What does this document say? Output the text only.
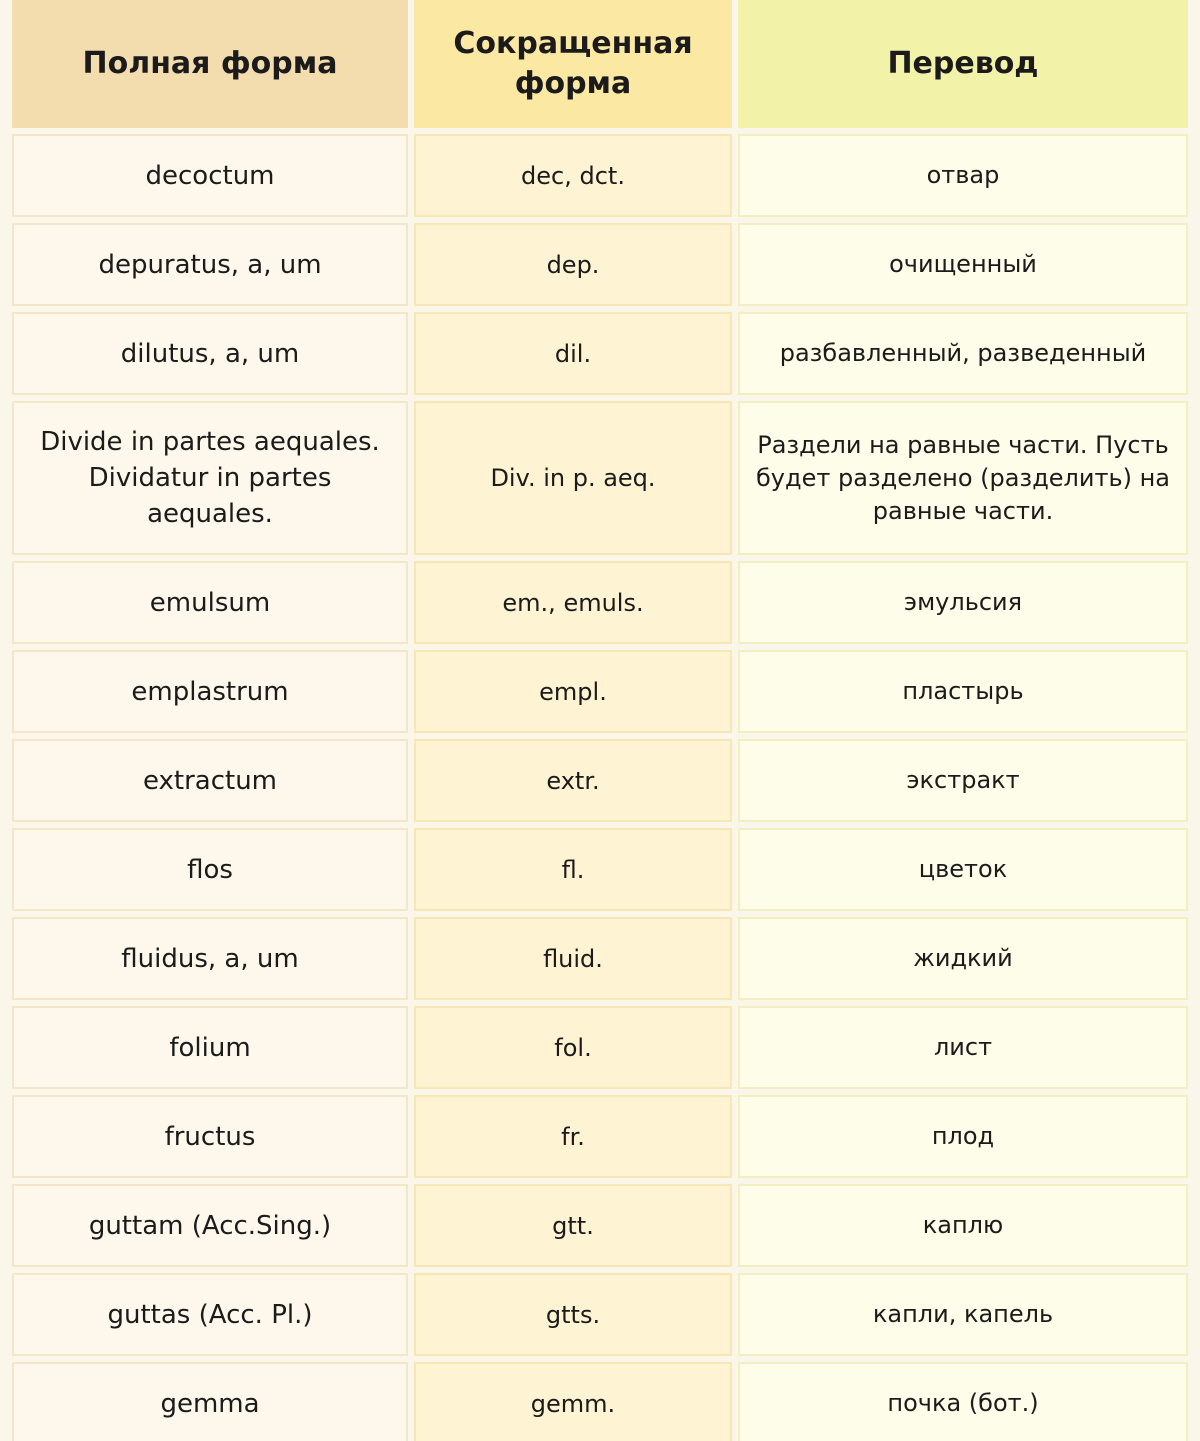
Полная форма	Сокращенная форма	Перевод
decoctum	dec, dct.	отвар
depuratus, a, um	dep.	очищенный
dilutus, a, um	dil.	разбавленный, разведенный
Divide in partes aequales. Dividatur in partes aequales.	Div. in p. aeq.	Раздели на равные части. Пусть будет разделено (разделить) на равные части.
emulsum	em., emuls.	эмульсия
emplastrum	empl.	пластырь
extractum	extr.	экстракт
flos	fl.	цветок
fluidus, a, um	fluid.	жидкий
folium	fol.	лист
fructus	fr.	плод
guttam (Acc.Sing.)	gtt.	каплю
guttas (Acc. Pl.)	gtts.	капли, капель
gemma	gemm.	почка (бот.)
